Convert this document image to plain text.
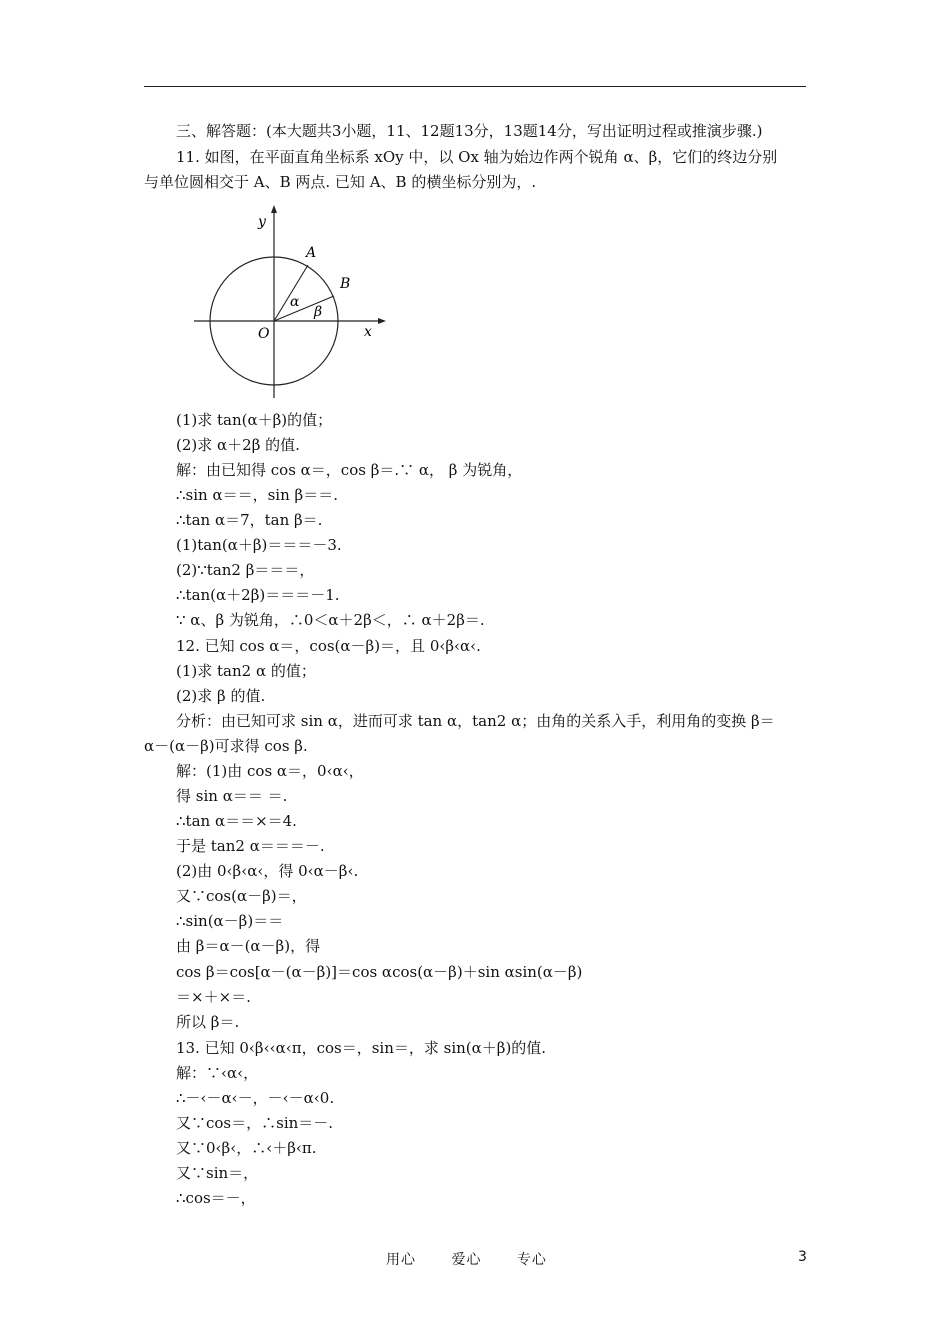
三、解答题：(本大题共3小题，11、12题13分，13题14分，写出证明过程或推演步骤.)
11. 如图，在平面直角坐标系 xOy 中，以 Ox 轴为始边作两个锐角 α、β，它们的终边分别
与单位圆相交于 A、B 两点. 已知 A、B 的横坐标分别为，.
y
x
O
A
B
α
β
(1)求 tan(α＋β)的值；
(2)求 α＋2β 的值.
解：由已知得 cos α＝，cos β＝.∵ α， β 为锐角，
∴sin α＝＝，sin β＝＝.
∴tan α＝7，tan β＝.
(1)tan(α＋β)＝＝＝－3.
(2)∵tan2 β＝＝＝，
∴tan(α＋2β)＝＝＝－1.
∵ α、β 为锐角，∴0＜α＋2β＜，∴ α＋2β＝.
12. 已知 cos α＝，cos(α－β)＝，且 0‹β‹α‹.
(1)求 tan2 α 的值；
(2)求 β 的值.
分析：由已知可求 sin α，进而可求 tan α，tan2 α；由角的关系入手，利用角的变换 β＝
α－(α－β)可求得 cos β.
解：(1)由 cos α＝，0‹α‹，
得 sin α＝＝ ＝.
∴tan α＝＝×＝4.
于是 tan2 α＝＝＝－.
(2)由 0‹β‹α‹，得 0‹α－β‹.
又∵cos(α－β)＝，
∴sin(α－β)＝＝
由 β＝α－(α－β)，得
cos β＝cos[α－(α－β)]＝cos αcos(α－β)＋sin αsin(α－β)
＝×＋×＝.
所以 β＝.
13. 已知 0‹β‹‹α‹π，cos＝，sin＝，求 sin(α＋β)的值.
解：∵‹α‹，
∴－‹－α‹－，－‹－α‹0.
又∵cos＝，∴sin＝－.
又∵0‹β‹，∴‹＋β‹π.
又∵sin＝，
∴cos＝－，
用心	爱心	专心	3
